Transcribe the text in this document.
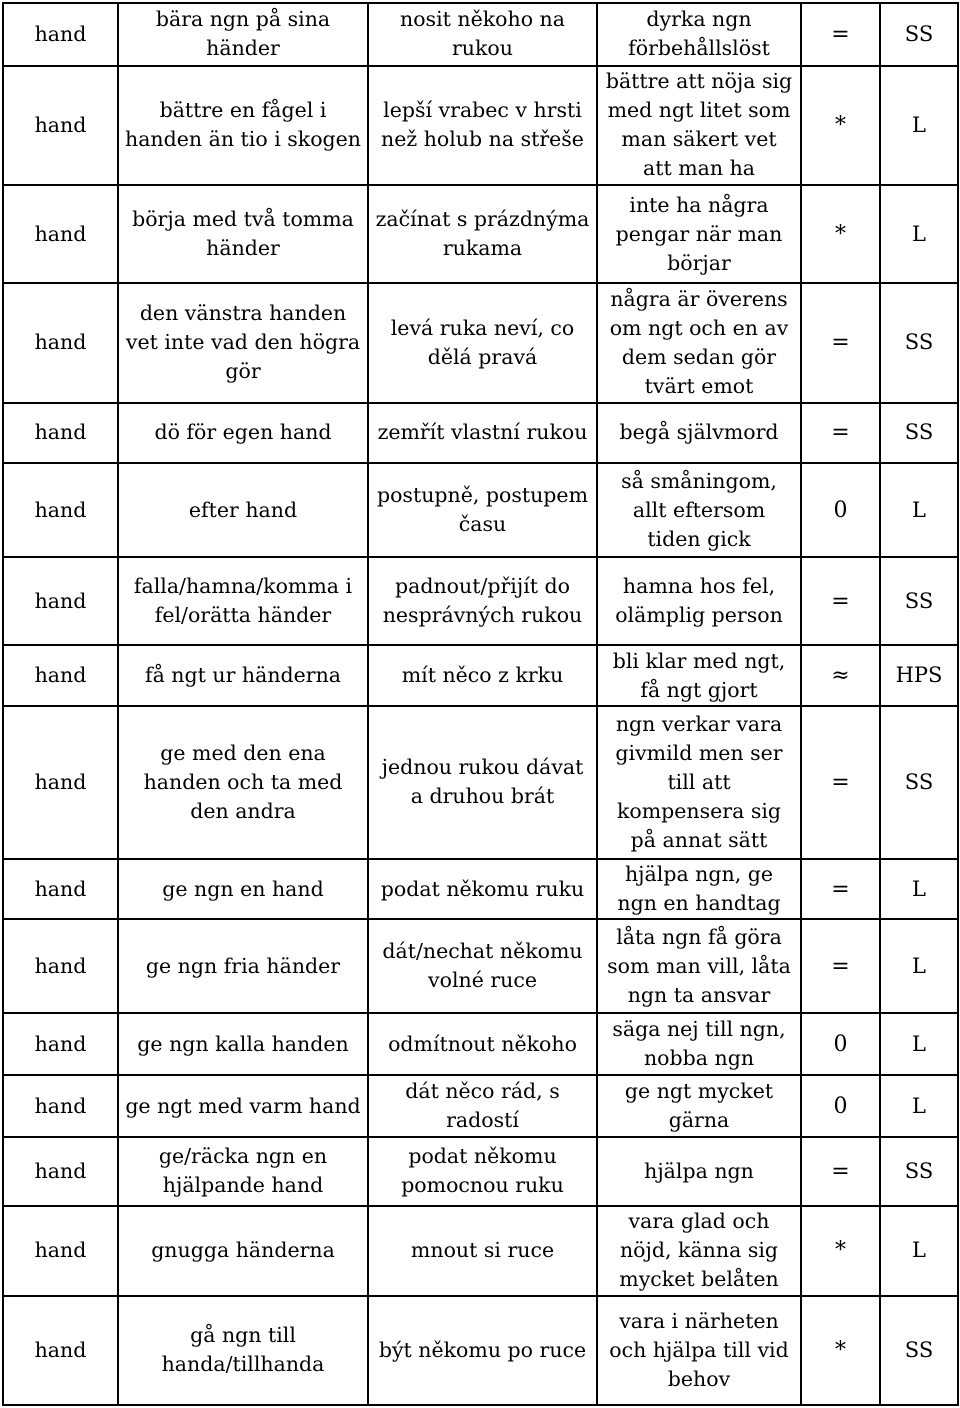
hand	bära ngn på sina händer	nosit někoho na rukou	dyrka ngn förbehållslöst	=	SS
hand	bättre en fågel i handen än tio i skogen	lepší vrabec v hrsti než holub na střeše	bättre att nöja sig med ngt litet som man säkert vet att man ha	*	L
hand	börja med två tomma händer	začínat s prázdnýma rukama	inte ha några pengar när man börjar	*	L
hand	den vänstra handen vet inte vad den högra gör	levá ruka neví, co dělá pravá	några är överens om ngt och en av dem sedan gör tvärt emot	=	SS
hand	dö för egen hand	zemřít vlastní rukou	begå självmord	=	SS
hand	efter hand	postupně, postupem času	så småningom, allt eftersom tiden gick	0	L
hand	falla/hamna/komma i fel/orätta händer	padnout/přijít do nesprávných rukou	hamna hos fel, olämplig person	=	SS
hand	få ngt ur händerna	mít něco z krku	bli klar med ngt, få ngt gjort	≈	HPS
hand	ge med den ena handen och ta med den andra	jednou rukou dávat a druhou brát	ngn verkar vara givmild men ser till att kompensera sig på annat sätt	=	SS
hand	ge ngn en hand	podat někomu ruku	hjälpa ngn, ge ngn en handtag	=	L
hand	ge ngn fria händer	dát/nechat někomu volné ruce	låta ngn få göra som man vill, låta ngn ta ansvar	=	L
hand	ge ngn kalla handen	odmítnout někoho	säga nej till ngn, nobba ngn	0	L
hand	ge ngt med varm hand	dát něco rád, s radostí	ge ngt mycket gärna	0	L
hand	ge/räcka ngn en hjälpande hand	podat někomu pomocnou ruku	hjälpa ngn	=	SS
hand	gnugga händerna	mnout si ruce	vara glad och nöjd, känna sig mycket belåten	*	L
hand	gå ngn till handa/tillhanda	být někomu po ruce	vara i närheten och hjälpa till vid behov	*	SS
